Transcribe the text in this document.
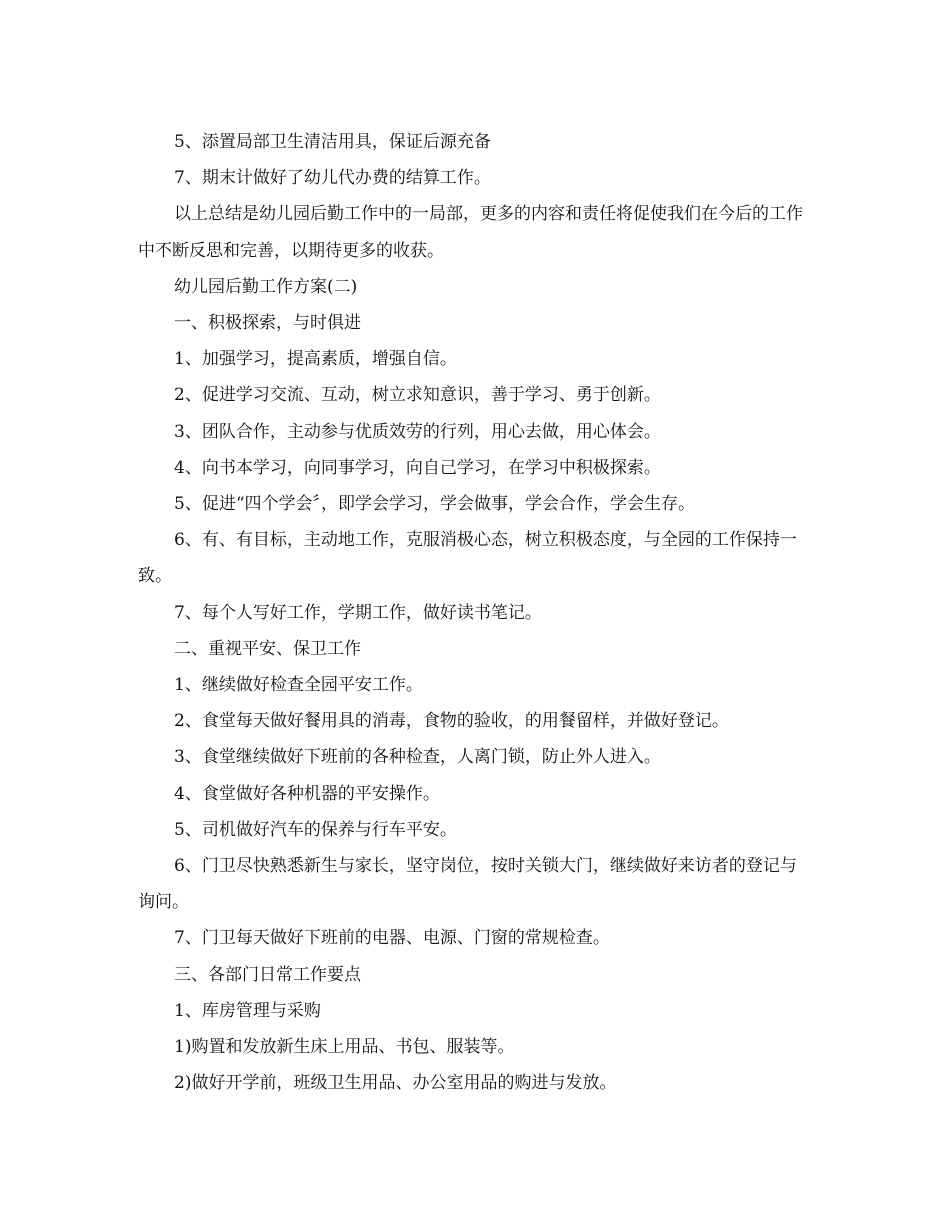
5、添置局部卫生清洁用具，保证后源充备

7、期末计做好了幼儿代办费的结算工作。

以上总结是幼儿园后勤工作中的一局部，更多的内容和责任将促使我们在今后的工作中不断反思和完善，以期待更多的收获。

幼儿园后勤工作方案(二)

一、积极探索，与时俱进

1、加强学习，提高素质，增强自信。

2、促进学习交流、互动，树立求知意识，善于学习、勇于创新。

3、团队合作，主动参与优质效劳的行列，用心去做，用心体会。

4、向书本学习，向同事学习，向自己学习，在学习中积极探索。

5、促进“四个学会〞，即学会学习，学会做事，学会合作，学会生存。

6、有、有目标，主动地工作，克服消极心态，树立积极态度，与全园的工作保持一致。

7、每个人写好工作，学期工作，做好读书笔记。

二、重视平安、保卫工作

1、继续做好检查全园平安工作。

2、食堂每天做好餐用具的消毒，食物的验收，的用餐留样，并做好登记。

3、食堂继续做好下班前的各种检查，人离门锁，防止外人进入。

4、食堂做好各种机器的平安操作。

5、司机做好汽车的保养与行车平安。

6、门卫尽快熟悉新生与家长，坚守岗位，按时关锁大门，继续做好来访者的登记与询问。

7、门卫每天做好下班前的电器、电源、门窗的常规检查。

三、各部门日常工作要点

1、库房管理与采购

1)购置和发放新生床上用品、书包、服装等。

2)做好开学前，班级卫生用品、办公室用品的购进与发放。
